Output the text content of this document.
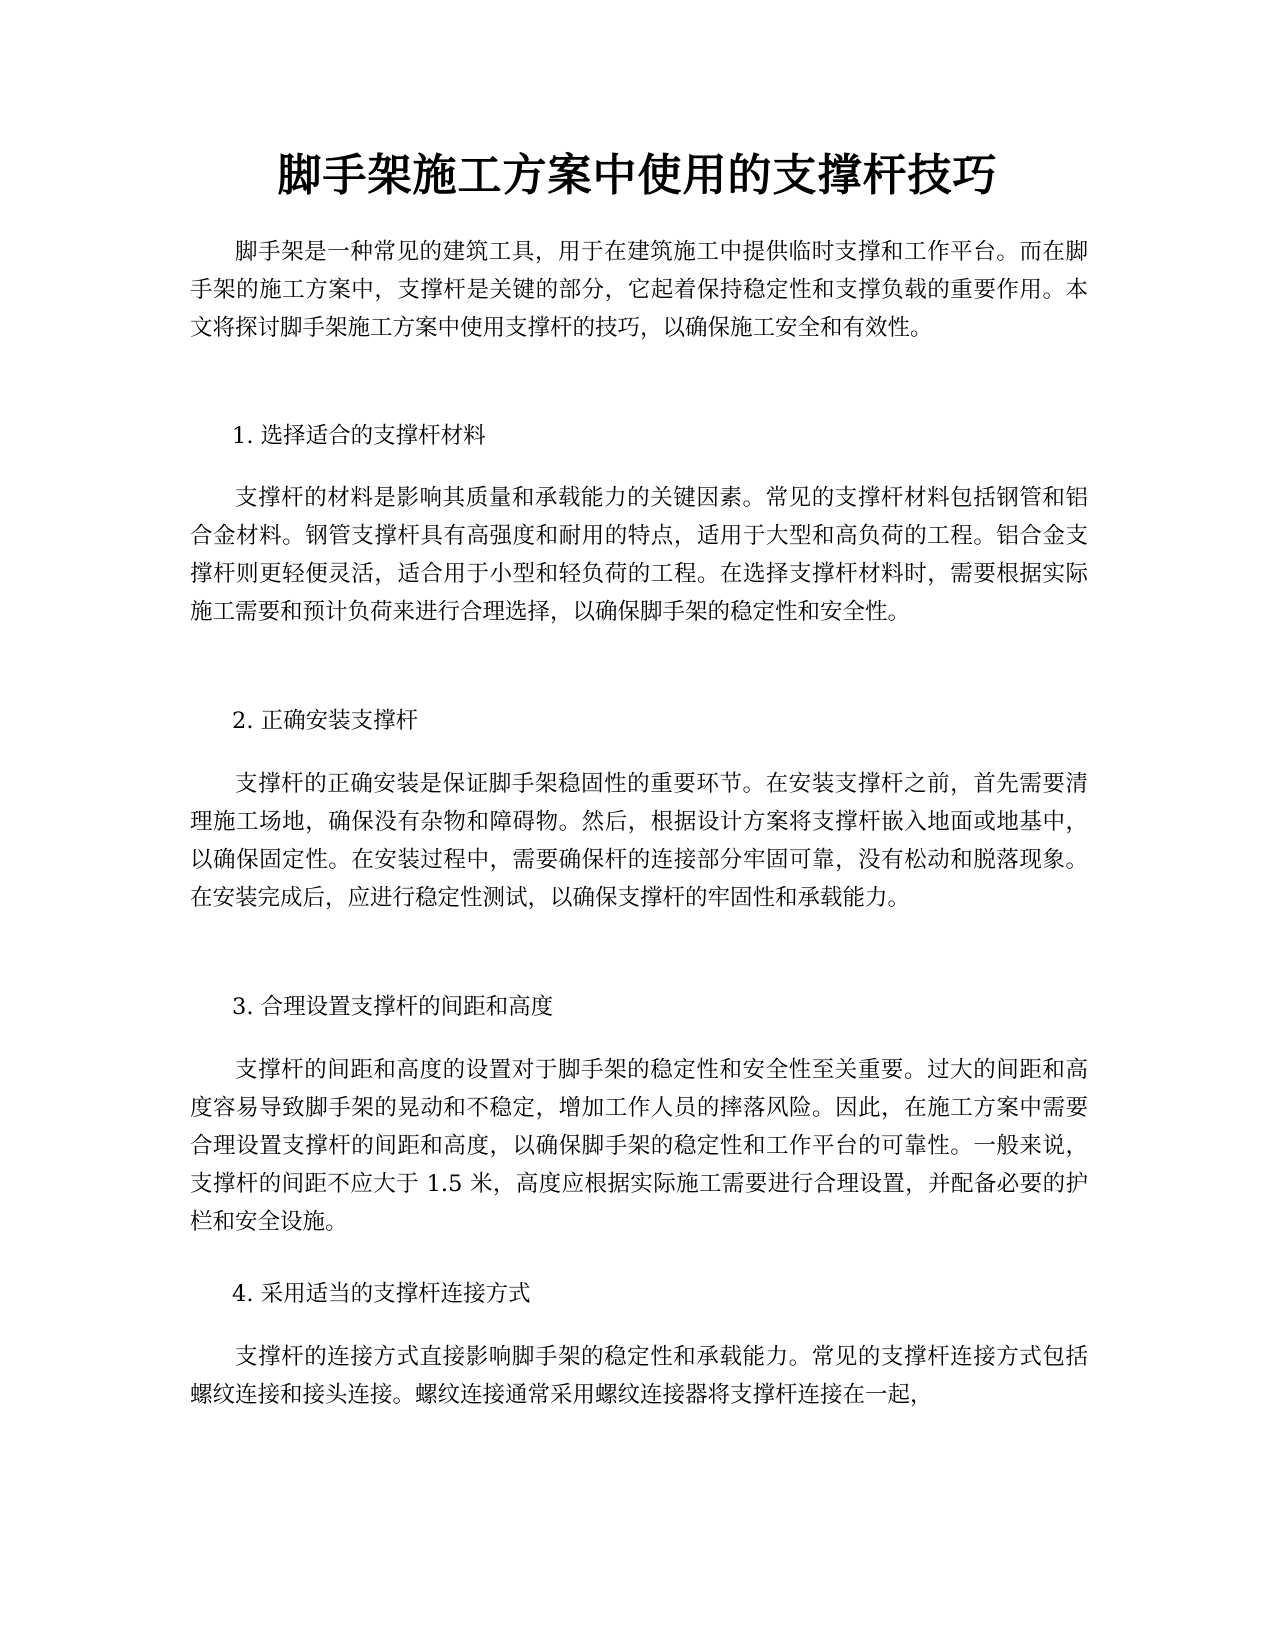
脚手架施工方案中使用的支撑杆技巧

脚手架是一种常见的建筑工具，用于在建筑施工中提供临时支撑和工作平台。而在脚手架的施工方案中，支撑杆是关键的部分，它起着保持稳定性和支撑负载的重要作用。本文将探讨脚手架施工方案中使用支撑杆的技巧，以确保施工安全和有效性。

1. 选择适合的支撑杆材料

支撑杆的材料是影响其质量和承载能力的关键因素。常见的支撑杆材料包括钢管和铝合金材料。钢管支撑杆具有高强度和耐用的特点，适用于大型和高负荷的工程。铝合金支撑杆则更轻便灵活，适合用于小型和轻负荷的工程。在选择支撑杆材料时，需要根据实际施工需要和预计负荷来进行合理选择，以确保脚手架的稳定性和安全性。

2. 正确安装支撑杆

支撑杆的正确安装是保证脚手架稳固性的重要环节。在安装支撑杆之前，首先需要清理施工场地，确保没有杂物和障碍物。然后，根据设计方案将支撑杆嵌入地面或地基中，以确保固定性。在安装过程中，需要确保杆的连接部分牢固可靠，没有松动和脱落现象。在安装完成后，应进行稳定性测试，以确保支撑杆的牢固性和承载能力。

3. 合理设置支撑杆的间距和高度

支撑杆的间距和高度的设置对于脚手架的稳定性和安全性至关重要。过大的间距和高度容易导致脚手架的晃动和不稳定，增加工作人员的摔落风险。因此，在施工方案中需要合理设置支撑杆的间距和高度，以确保脚手架的稳定性和工作平台的可靠性。一般来说，支撑杆的间距不应大于 1.5 米，高度应根据实际施工需要进行合理设置，并配备必要的护栏和安全设施。

4. 采用适当的支撑杆连接方式

支撑杆的连接方式直接影响脚手架的稳定性和承载能力。常见的支撑杆连接方式包括螺纹连接和接头连接。螺纹连接通常采用螺纹连接器将支撑杆连接在一起，
